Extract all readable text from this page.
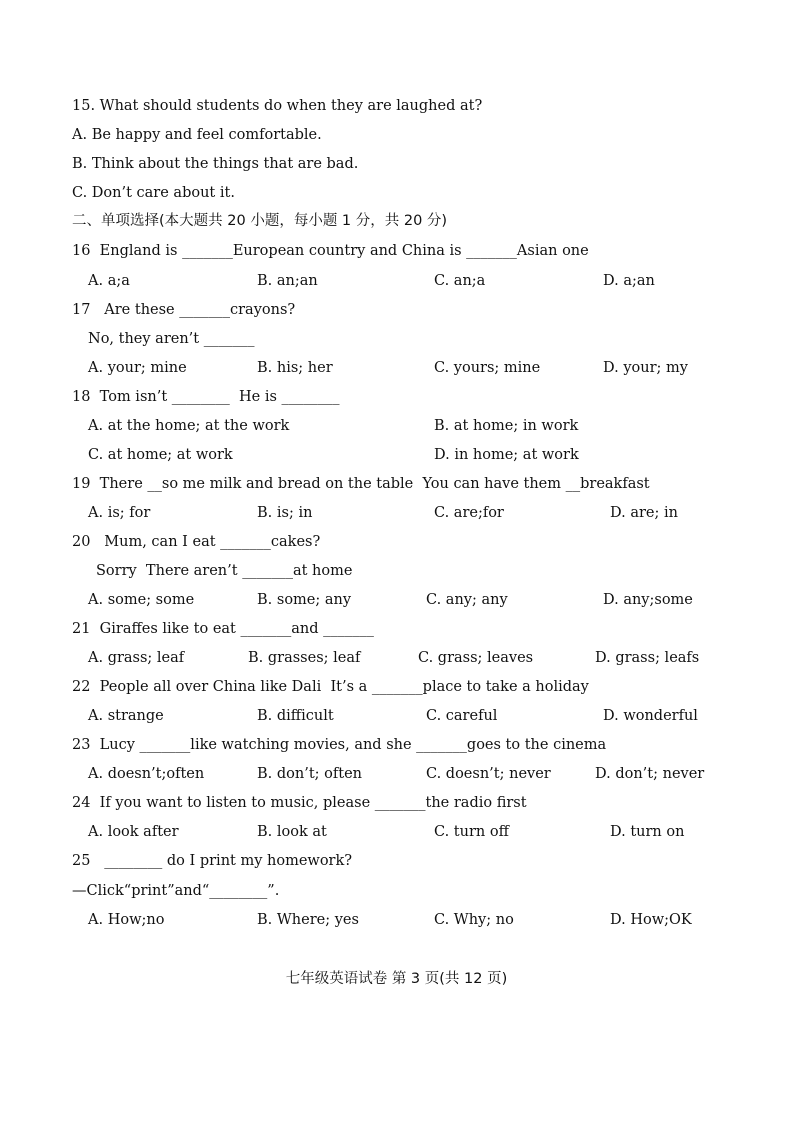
15. What should students do when they are laughed at?
A. Be happy and feel comfortable.
B. Think about the things that are bad.
C. Don’t care about it.
二、单项选择(本大题共 20 小题，每小题 1 分，共 20 分)
16  England is _______European country and China is _______Asian one
A. a;a	B. an;an	C. an;a	D. a;an
17   Are these _______crayons?
No, they aren’t _______
A. your; mine	B. his; her	C. yours; mine	D. your; my
18  Tom isn’t ________  He is ________
A. at the home; at the work	B. at home; in work
C. at home; at work	D. in home; at work
19  There __so me milk and bread on the table  You can have them __breakfast
A. is; for	B. is; in	C. are;for	D. are; in
20   Mum, can I eat _______cakes?
Sorry  There aren’t _______at home
A. some; some	B. some; any	C. any; any	D. any;some
21  Giraffes like to eat _______and _______
A. grass; leaf	B. grasses; leaf	C. grass; leaves	D. grass; leafs
22  People all over China like Dali  It’s a _______place to take a holiday
A. strange	B. difficult	C. careful	D. wonderful
23  Lucy _______like watching movies, and she _______goes to the cinema
A. doesn’t;often	B. don’t; often	C. doesn’t; never	D. don’t; never
24  If you want to listen to music, please _______the radio first
A. look after	B. look at	C. turn off	D. turn on
25   ________ do I print my homework?
—Click“print”and“________”.
A. How;no	B. Where; yes	C. Why; no	D. How;OK
七年级英语试卷 第 3 页(共 12 页)
